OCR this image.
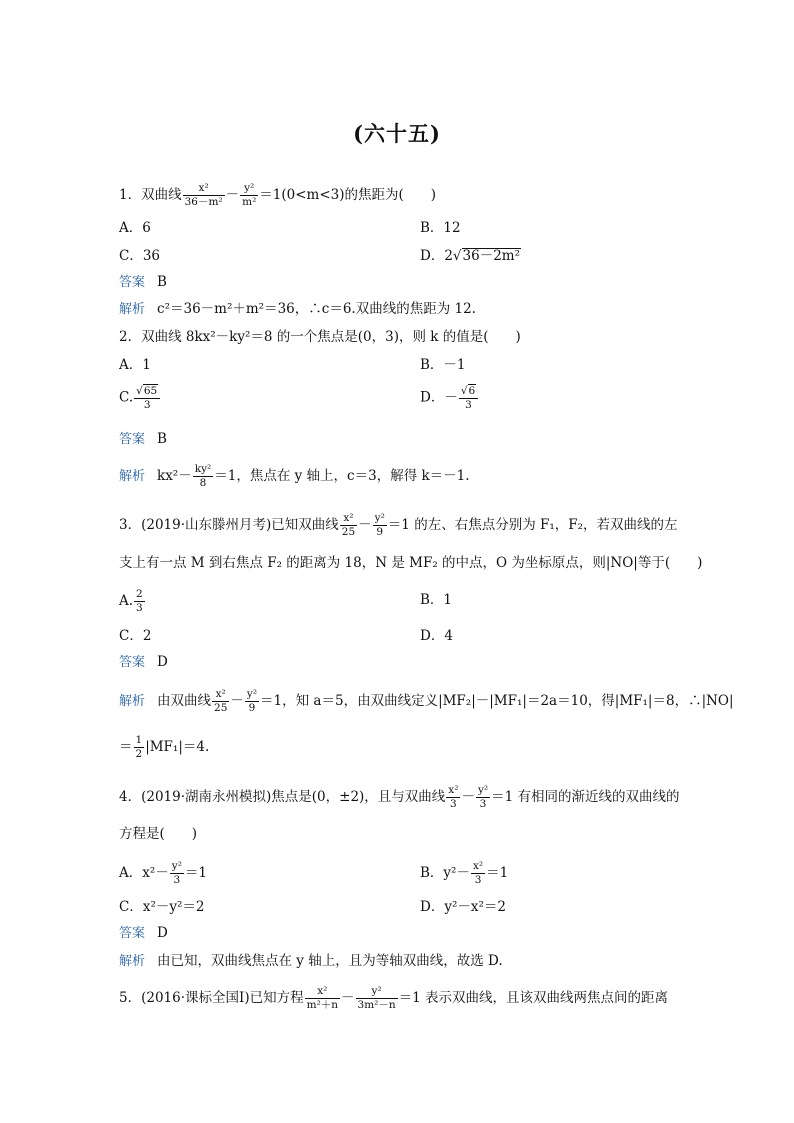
(六十五)
1．双曲线 $\frac{\text{x²}}{\text{36－m²}} - \frac{\text{y²}}{\text{m²}} =1(0<m<3)$的焦距为(　　)
A．6	B．12
C．36	D．2√36－2m²
答案 B
解析 c²＝36－m²＋m²＝36，∴c＝6.双曲线的焦距为 12.
2．双曲线 8kx²－ky²＝8 的一个焦点是(0，3)，则 k 的值是(　　)
A．1	B．－1
C. $\frac{√65}{3}$	D．－ $\frac{√6}{3}$
答案 B
解析 $kx^2- \frac{\text{ky²}}{8} =1$，焦点在 y 轴上，c＝3，解得 k＝－1.
3．(2019·山东滕州月考)已知双曲线 $\frac{\text{x²}}{25} - \frac{\text{y²}}{9} =1$ 的左、右焦点分别为 F₁，F₂，若双曲线的左
支上有一点 M 到右焦点 F₂ 的距离为 18，N 是 MF₂ 的中点，O 为坐标原点，则|NO|等于(　　)
A. $\frac{2}{3}$	B．1
C．2	D．4
答案 D
解析 由双曲线 $\frac{\text{x²}}{25} - \frac{\text{y²}}{9} =1$，知 a＝5，由双曲线定义|MF₂|－|MF₁|＝2a＝10，得|MF₁|＝8，∴|NO|
＝ $\frac{1}{2} |MF_1|=4$.
4．(2019·湖南永州模拟)焦点是(0，±2)，且与双曲线 $\frac{\text{x²}}{3} - \frac{\text{y²}}{3} =1$ 有相同的渐近线的双曲线的
方程是(　　)
A．$x^2- \frac{\text{y²}}{3} =1$	B．$y^2- \frac{\text{x²}}{3} =1$
C．x²－y²＝2	D．y²－x²＝2
答案 D
解析 由已知，双曲线焦点在 y 轴上，且为等轴双曲线，故选 D.
5．(2016·课标全国Ⅰ)已知方程 $\frac{\text{x²}}{\text{m²＋n}} - \frac{\text{y²}}{\text{3m²－n}} =1$ 表示双曲线，且该双曲线两焦点间的距离
